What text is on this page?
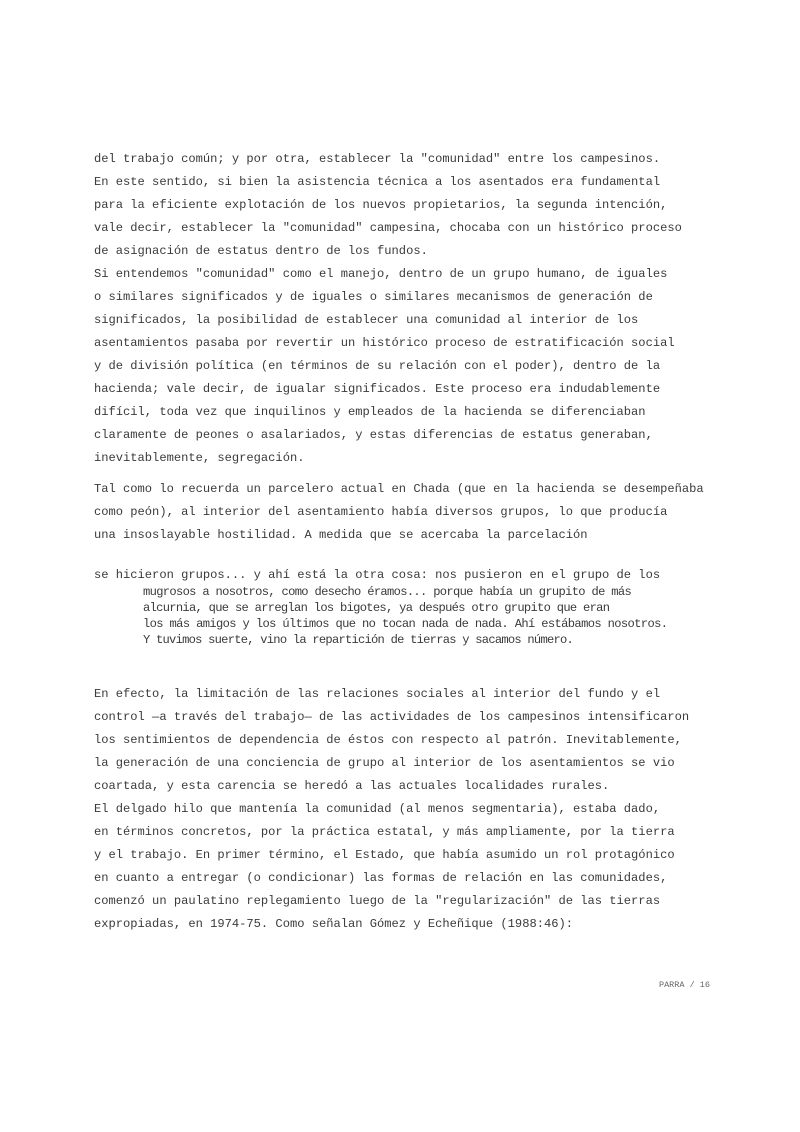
del trabajo común; y por otra, establecer la "comunidad" entre los campesinos.
En este sentido, si bien la asistencia técnica a los asentados era fundamental
para la eficiente explotación de los nuevos propietarios, la segunda intención,
vale decir, establecer la "comunidad" campesina, chocaba con un histórico proceso
de asignación de estatus dentro de los fundos.
Si entendemos "comunidad" como el manejo, dentro de un grupo humano, de iguales
o similares significados y de iguales o similares mecanismos de generación de
significados, la posibilidad de establecer una comunidad al interior de los
asentamientos pasaba por revertir un histórico proceso de estratificación social
y de división política (en términos de su relación con el poder), dentro de la
hacienda; vale decir, de igualar significados. Este proceso era indudablemente
difícil, toda vez que inquilinos y empleados de la hacienda se diferenciaban
claramente de peones o asalariados, y estas diferencias de estatus generaban,
inevitablemente, segregación.
Tal como lo recuerda un parcelero actual en Chada (que en la hacienda se desempeñaba
como peón), al interior del asentamiento había diversos grupos, lo que producía
una insoslayable hostilidad. A medida que se acercaba la parcelación
se hicieron grupos... y ahí está la otra cosa: nos pusieron en el grupo de los
mugrosos a nosotros, como desecho éramos... porque había un grupito de más
alcurnia, que se arreglan los bigotes, ya después otro grupito que eran
los más amigos y los últimos que no tocan nada de nada. Ahí estábamos nosotros.
Y tuvimos suerte, vino la repartición de tierras y sacamos número.
En efecto, la limitación de las relaciones sociales al interior del fundo y el
control —a través del trabajo— de las actividades de los campesinos intensificaron
los sentimientos de dependencia de éstos con respecto al patrón. Inevitablemente,
la generación de una conciencia de grupo al interior de los asentamientos se vio
coartada, y esta carencia se heredó a las actuales localidades rurales.
El delgado hilo que mantenía la comunidad (al menos segmentaria), estaba dado,
en términos concretos, por la práctica estatal, y más ampliamente, por la tierra
y el trabajo. En primer término, el Estado, que había asumido un rol protagónico
en cuanto a entregar (o condicionar) las formas de relación en las comunidades,
comenzó un paulatino replegamiento luego de la "regularización" de las tierras
expropiadas, en 1974-75. Como señalan Gómez y Echeñique (1988:46):
PARRA / 16
